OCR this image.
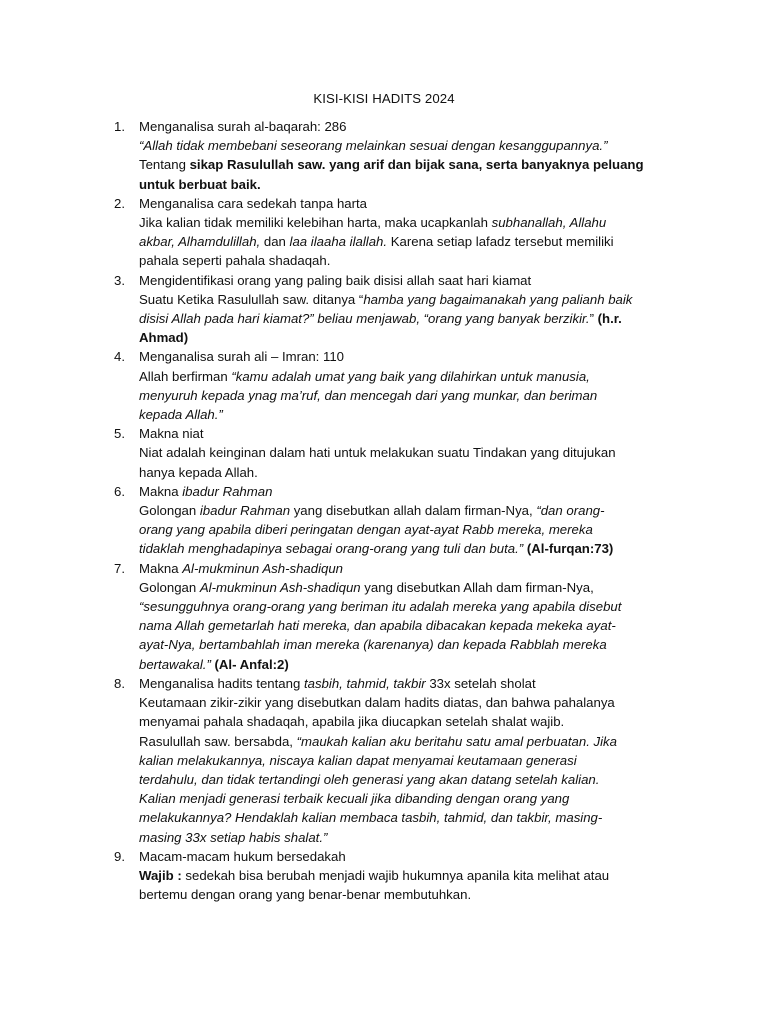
KISI-KISI HADITS 2024
1. Menganalisa surah al-baqarah: 286
“Allah tidak membebani seseorang melainkan sesuai dengan kesanggupannya.”
Tentang sikap Rasulullah saw. yang arif dan bijak sana, serta banyaknya peluang
untuk berbuat baik.
2. Menganalisa cara sedekah tanpa harta
Jika kalian tidak memiliki kelebihan harta, maka ucapkanlah subhanallah, Allahu
akbar, Alhamdulillah, dan laa ilaaha ilallah. Karena setiap lafadz tersebut memiliki
pahala seperti pahala shadaqah.
3. Mengidentifikasi orang yang paling baik disisi allah saat hari kiamat
Suatu Ketika Rasulullah saw. ditanya “hamba yang bagaimanakah yang palianh baik
disisi Allah pada hari kiamat?” beliau menjawab, “orang yang banyak berzikir.” (h.r.
Ahmad)
4. Menganalisa surah ali – Imran: 110
Allah berfirman “kamu adalah umat yang baik yang dilahirkan untuk manusia,
menyuruh kepada ynag ma’ruf, dan mencegah dari yang munkar, dan beriman
kepada Allah.”
5. Makna niat
Niat adalah keinginan dalam hati untuk melakukan suatu Tindakan yang ditujukan
hanya kepada Allah.
6. Makna ibadur Rahman
Golongan ibadur Rahman yang disebutkan allah dalam firman-Nya, “dan orang-
orang yang apabila diberi peringatan dengan ayat-ayat Rabb mereka, mereka
tidaklah menghadapinya sebagai orang-orang yang tuli dan buta.” (Al-furqan:73)
7. Makna Al-mukminun Ash-shadiqun
Golongan Al-mukminun Ash-shadiqun yang disebutkan Allah dam firman-Nya,
“sesungguhnya orang-orang yang beriman itu adalah mereka yang apabila disebut
nama Allah gemetarlah hati mereka, dan apabila dibacakan kepada mekeka ayat-
ayat-Nya, bertambahlah iman mereka (karenanya) dan kepada Rabblah mereka
bertawakal.” (Al- Anfal:2)
8. Menganalisa hadits tentang tasbih, tahmid, takbir 33x setelah sholat
Keutamaan zikir-zikir yang disebutkan dalam hadits diatas, dan bahwa pahalanya
menyamai pahala shadaqah, apabila jika diucapkan setelah shalat wajib.
Rasulullah saw. bersabda, “maukah kalian aku beritahu satu amal perbuatan. Jika
kalian melakukannya, niscaya kalian dapat menyamai keutamaan generasi
terdahulu, dan tidak tertandingi oleh generasi yang akan datang setelah kalian.
Kalian menjadi generasi terbaik kecuali jika dibanding dengan orang yang
melakukannya? Hendaklah kalian membaca tasbih, tahmid, dan takbir, masing-
masing 33x setiap habis shalat.”
9. Macam-macam hukum bersedakah
Wajib : sedekah bisa berubah menjadi wajib hukumnya apanila kita melihat atau
bertemu dengan orang yang benar-benar membutuhkan.
